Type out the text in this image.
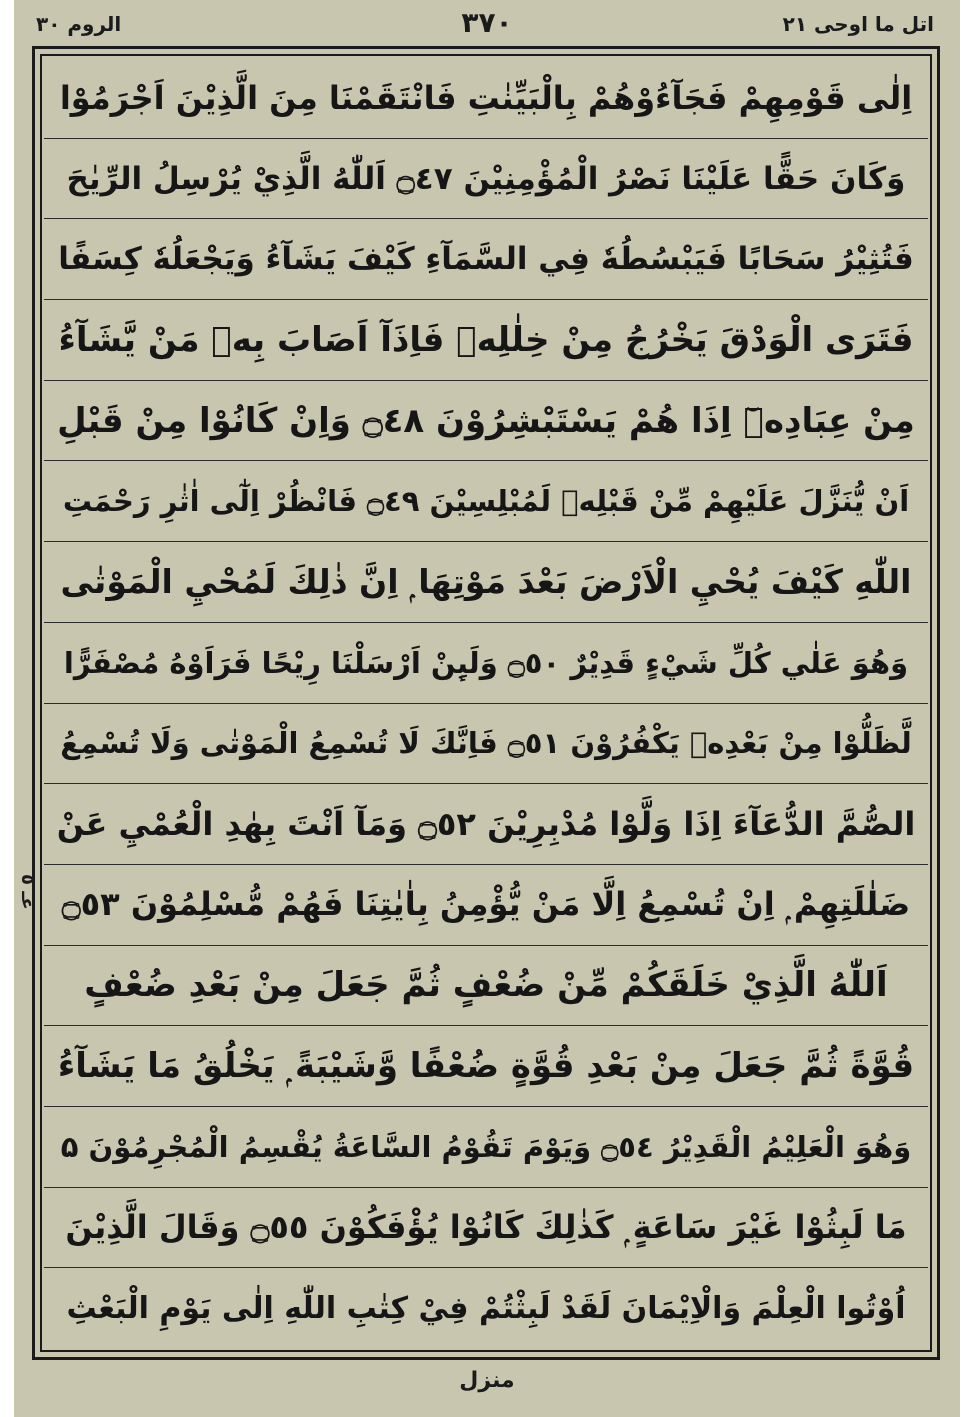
اتل ما اوحی ۲۱
۳۷۰
الروم ۳۰
اِلٰى قَوْمِهِمْ فَجَآءُوْهُمْ بِالْبَيِّنٰتِ فَانْتَقَمْنَا مِنَ الَّذِيْنَ اَجْرَمُوْا
وَكَانَ حَقًّا عَلَيْنَا نَصْرُ الْمُؤْمِنِيْنَ ۝٤٧ اَللّٰهُ الَّذِيْ يُرْسِلُ الرِّيٰحَ
فَتُثِيْرُ سَحَابًا فَيَبْسُطُهٗ فِي السَّمَآءِ كَيْفَ يَشَآءُ وَيَجْعَلُهٗ كِسَفًا
فَتَرَى الْوَدْقَ يَخْرُجُ مِنْ خِلٰلِهٖ فَاِذَآ اَصَابَ بِهٖ مَنْ يَّشَآءُ
مِنْ عِبَادِهٖٓ اِذَا هُمْ يَسْتَبْشِرُوْنَ ۝٤٨ وَاِنْ كَانُوْا مِنْ قَبْلِ
اَنْ يُّنَزَّلَ عَلَيْهِمْ مِّنْ قَبْلِهٖ لَمُبْلِسِيْنَ ۝٤٩ فَانْظُرْ اِلٰٓى اٰثٰرِ رَحْمَتِ
اللّٰهِ كَيْفَ يُحْيِ الْاَرْضَ بَعْدَ مَوْتِهَا ۭ اِنَّ ذٰلِكَ لَمُحْيِ الْمَوْتٰى
وَهُوَ عَلٰي كُلِّ شَيْءٍ قَدِيْرٌ ۝٥٠ وَلَىِٕنْ اَرْسَلْنَا رِيْحًا فَرَاَوْهُ مُصْفَرًّا
لَّظَلُّوْا مِنْ بَعْدِهٖ يَكْفُرُوْنَ ۝٥١ فَاِنَّكَ لَا تُسْمِعُ الْمَوْتٰى وَلَا تُسْمِعُ
الصُّمَّ الدُّعَآءَ اِذَا وَلَّوْا مُدْبِرِيْنَ ۝٥٢ وَمَآ اَنْتَ بِهٰدِ الْعُمْيِ عَنْ
ضَلٰلَتِهِمْ ۭ اِنْ تُسْمِعُ اِلَّا مَنْ يُّؤْمِنُ بِاٰيٰتِنَا فَهُمْ مُّسْلِمُوْنَ ۝٥٣
اَللّٰهُ الَّذِيْ خَلَقَكُمْ مِّنْ ضُعْفٍ ثُمَّ جَعَلَ مِنْ بَعْدِ ضُعْفٍ
قُوَّةً ثُمَّ جَعَلَ مِنْ بَعْدِ قُوَّةٍ ضُعْفًا وَّشَيْبَةً ۭ يَخْلُقُ مَا يَشَآءُ
وَهُوَ الْعَلِيْمُ الْقَدِيْرُ ۝٥٤ وَيَوْمَ تَقُوْمُ السَّاعَةُ يُقْسِمُ الْمُجْرِمُوْنَ ۵
مَا لَبِثُوْا غَيْرَ سَاعَةٍ ۭ كَذٰلِكَ كَانُوْا يُؤْفَكُوْنَ ۝٥٥ وَقَالَ الَّذِيْنَ
اُوْتُوا الْعِلْمَ وَالْاِيْمَانَ لَقَدْ لَبِثْتُمْ فِيْ كِتٰبِ اللّٰهِ اِلٰى يَوْمِ الْبَعْثِ
عـ ٥
منزل
